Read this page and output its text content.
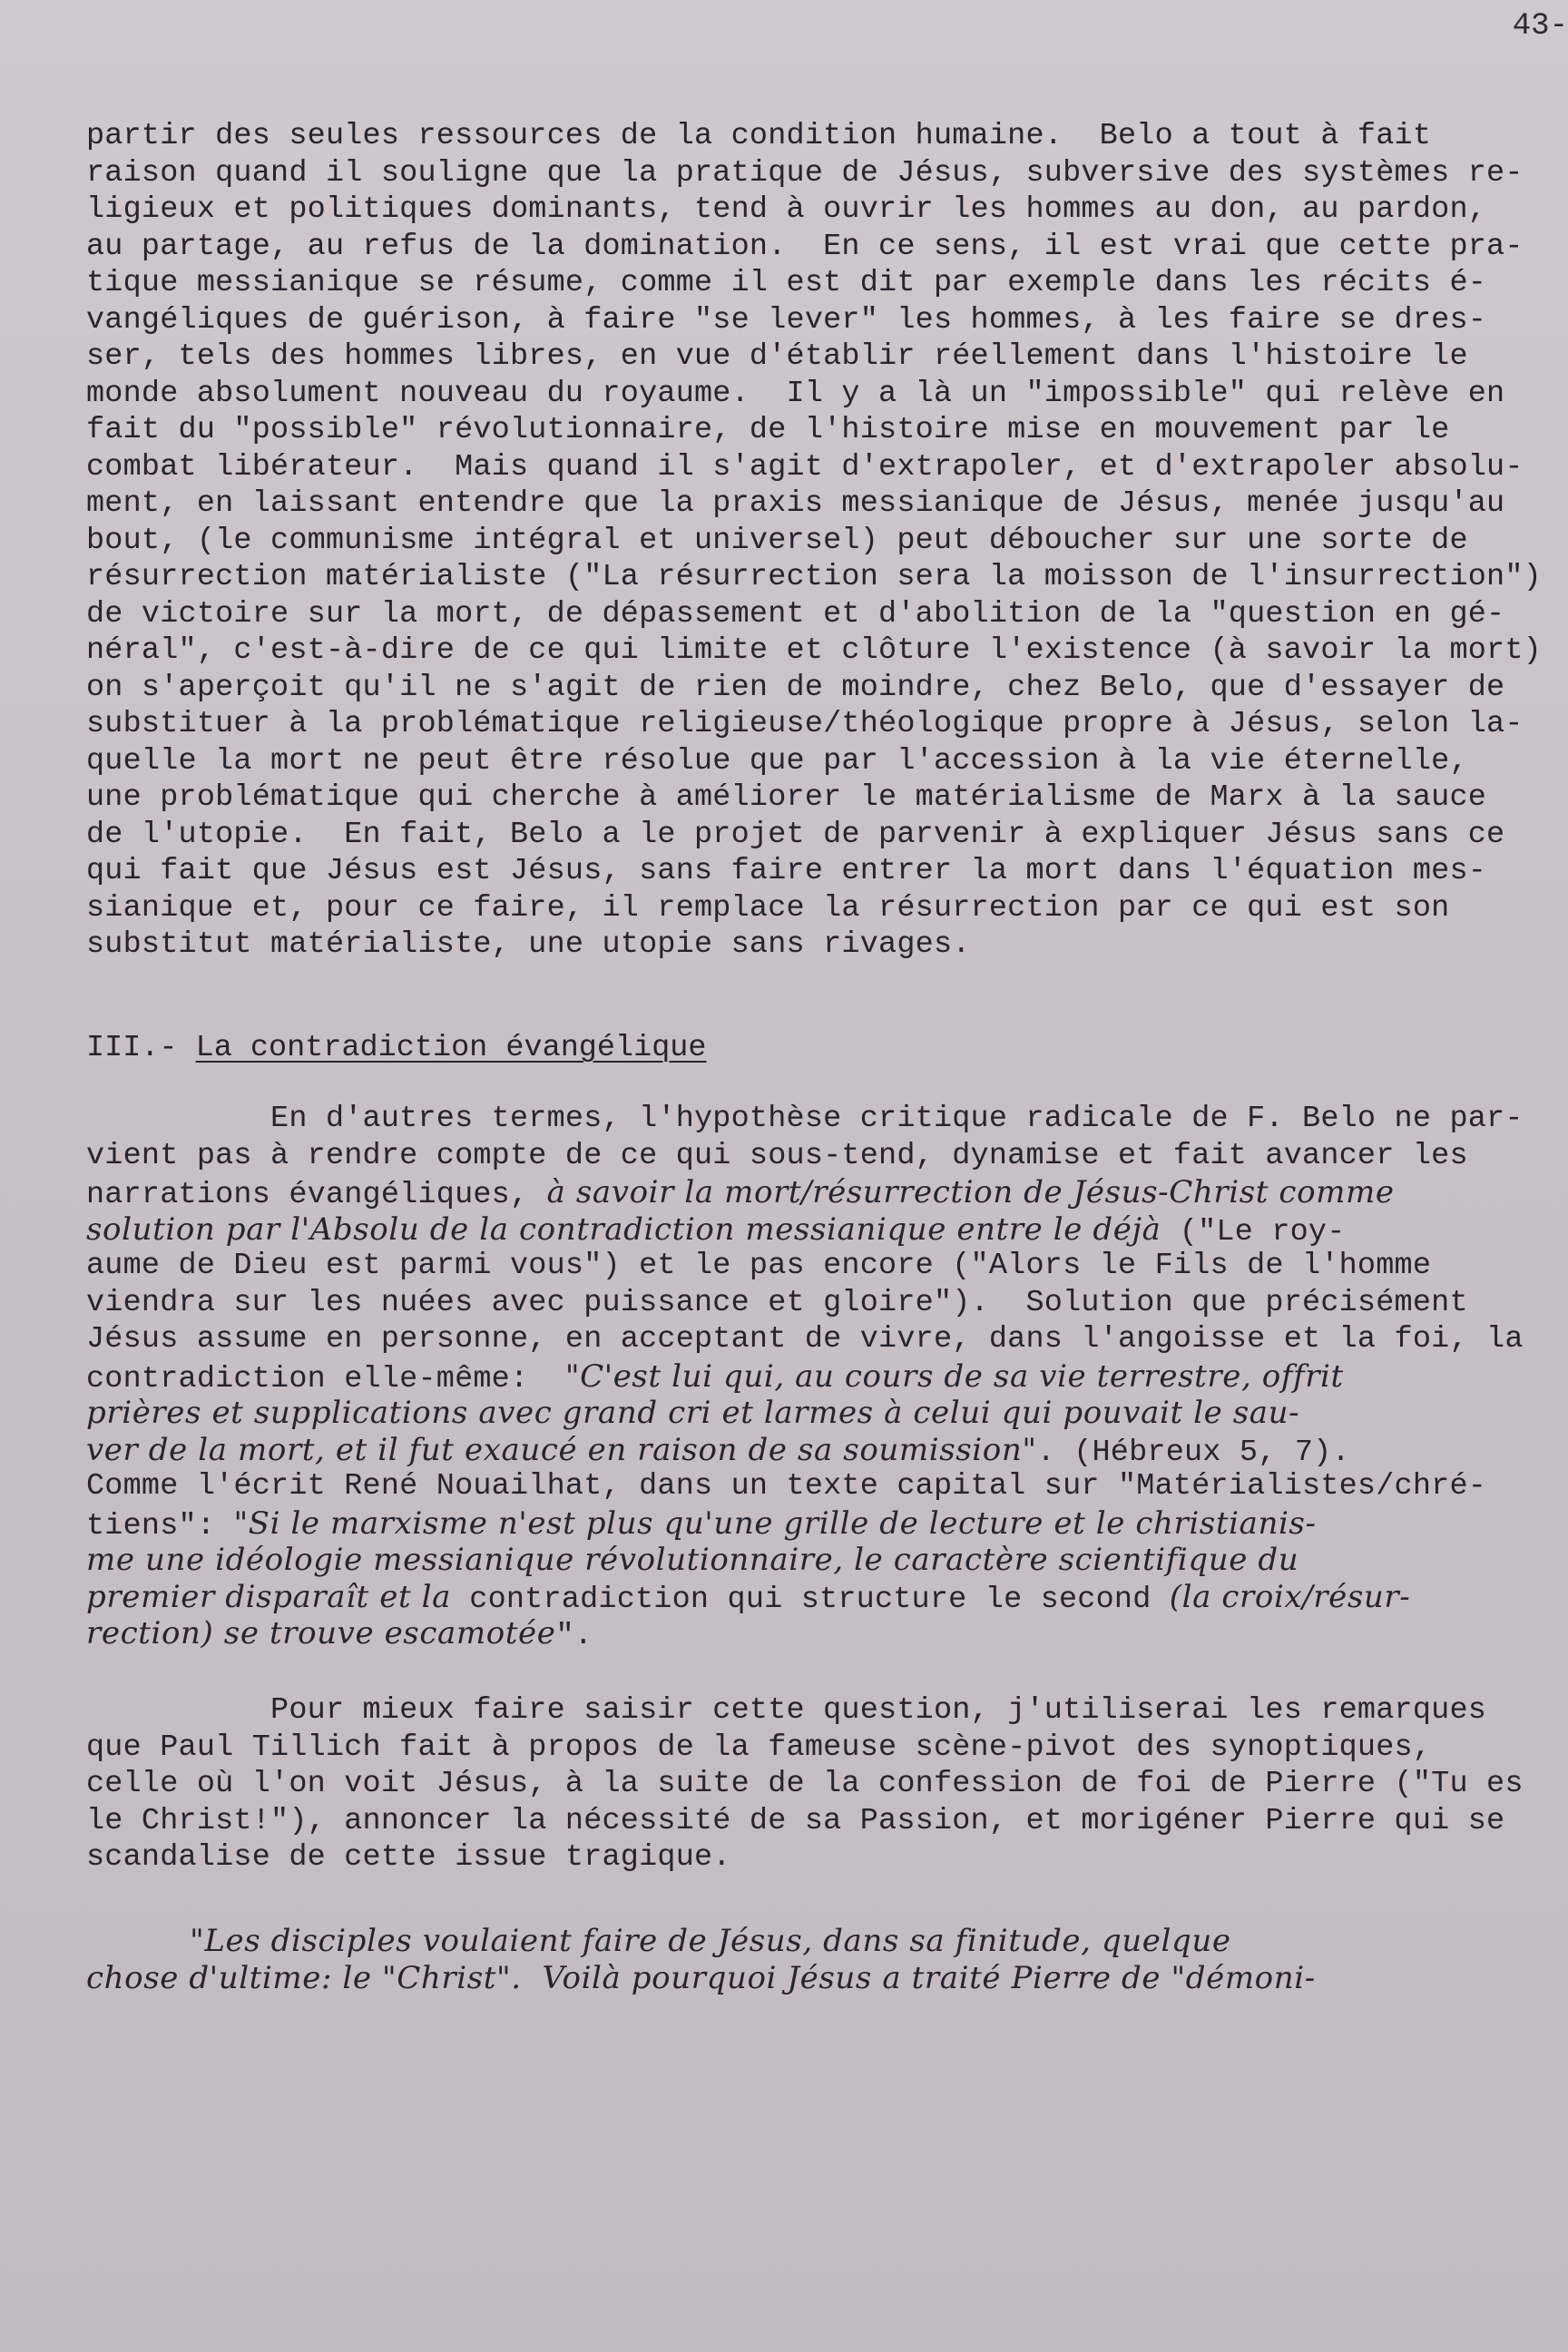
43-
partir des seules ressources de la condition humaine.  Belo a tout à fait
raison quand il souligne que la pratique de Jésus, subversive des systèmes re-
ligieux et politiques dominants, tend à ouvrir les hommes au don, au pardon,
au partage, au refus de la domination.  En ce sens, il est vrai que cette pra-
tique messianique se résume, comme il est dit par exemple dans les récits é-
vangéliques de guérison, à faire "se lever" les hommes, à les faire se dres-
ser, tels des hommes libres, en vue d'établir réellement dans l'histoire le
monde absolument nouveau du royaume.  Il y a là un "impossible" qui relève en
fait du "possible" révolutionnaire, de l'histoire mise en mouvement par le
combat libérateur.  Mais quand il s'agit d'extrapoler, et d'extrapoler absolu-
ment, en laissant entendre que la praxis messianique de Jésus, menée jusqu'au
bout, (le communisme intégral et universel) peut déboucher sur une sorte de
résurrection matérialiste ("La résurrection sera la moisson de l'insurrection")
de victoire sur la mort, de dépassement et d'abolition de la "question en gé-
néral", c'est-à-dire de ce qui limite et clôture l'existence (à savoir la mort)
on s'aperçoit qu'il ne s'agit de rien de moindre, chez Belo, que d'essayer de
substituer à la problématique religieuse/théologique propre à Jésus, selon la-
quelle la mort ne peut être résolue que par l'accession à la vie éternelle,
une problématique qui cherche à améliorer le matérialisme de Marx à la sauce
de l'utopie.  En fait, Belo a le projet de parvenir à expliquer Jésus sans ce
qui fait que Jésus est Jésus, sans faire entrer la mort dans l'équation mes-
sianique et, pour ce faire, il remplace la résurrection par ce qui est son
substitut matérialiste, une utopie sans rivages.
III.- La contradiction évangélique
En d'autres termes, l'hypothèse critique radicale de F. Belo ne par-
vient pas à rendre compte de ce qui sous-tend, dynamise et fait avancer les
narrations évangéliques, à savoir la mort/résurrection de Jésus-Christ comme
solution par l'Absolu de la contradiction messianique entre le déjà ("Le roy-
aume de Dieu est parmi vous") et le pas encore ("Alors le Fils de l'homme
viendra sur les nuées avec puissance et gloire").  Solution que précisément
Jésus assume en personne, en acceptant de vivre, dans l'angoisse et la foi, la
contradiction elle-même:  "C'est lui qui, au cours de sa vie terrestre, offrit
prières et supplications avec grand cri et larmes à celui qui pouvait le sau-
ver de la mort, et il fut exaucé en raison de sa soumission". (Hébreux 5, 7).
Comme l'écrit René Nouailhat, dans un texte capital sur "Matérialistes/chré-
tiens": "Si le marxisme n'est plus qu'une grille de lecture et le christianis-
me une idéologie messianique révolutionnaire, le caractère scientifique du
premier disparaît et la contradiction qui structure le second (la croix/résur-
rection) se trouve escamotée".
Pour mieux faire saisir cette question, j'utiliserai les remarques
que Paul Tillich fait à propos de la fameuse scène-pivot des synoptiques,
celle où l'on voit Jésus, à la suite de la confession de foi de Pierre ("Tu es
le Christ!"), annoncer la nécessité de sa Passion, et morigéner Pierre qui se
scandalise de cette issue tragique.
"Les disciples voulaient faire de Jésus, dans sa finitude, quelque
chose d'ultime: le "Christ".  Voilà pourquoi Jésus a traité Pierre de "démoni-
